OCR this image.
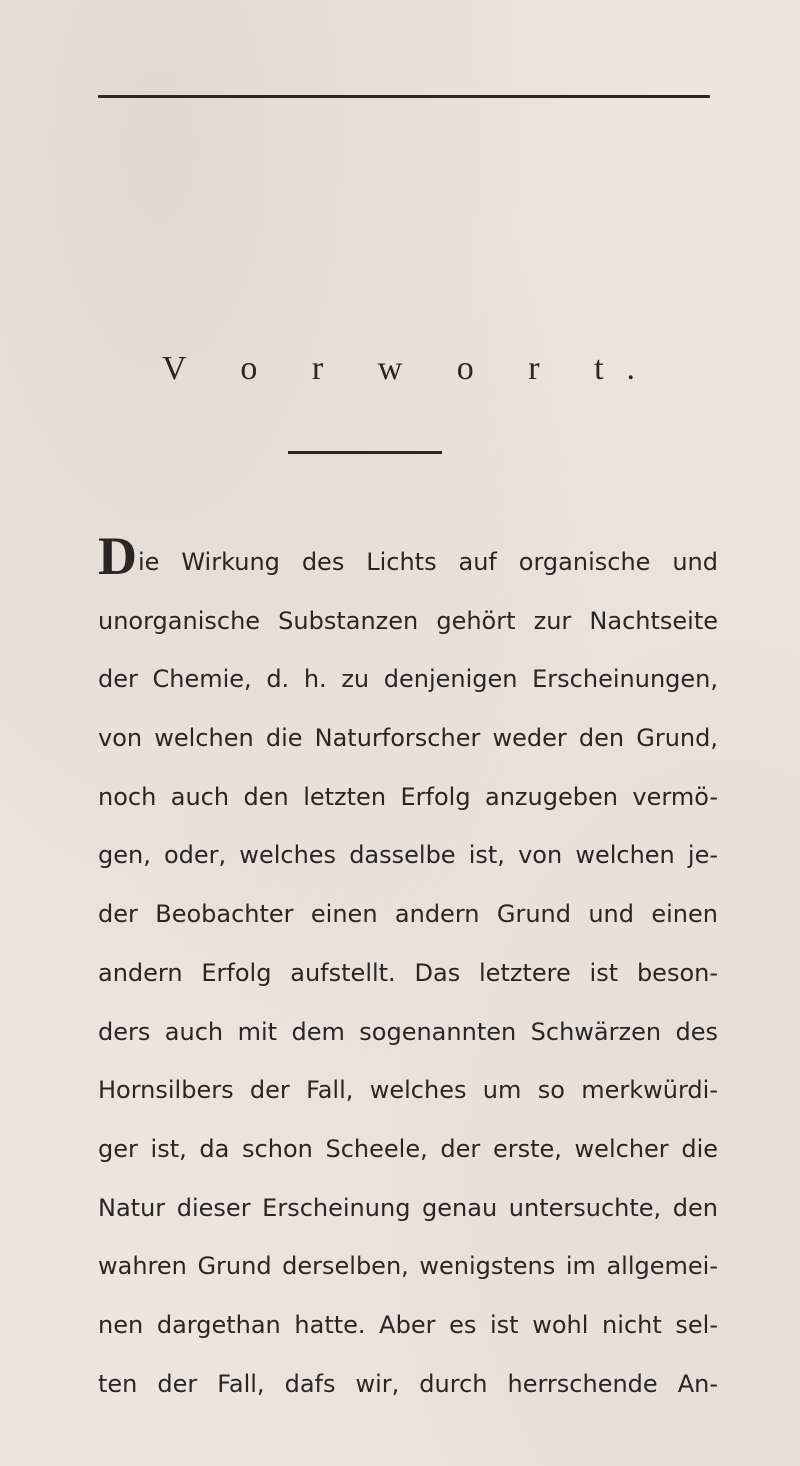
V o r w o r t.
Die Wirkung des Lichts auf organische und
unorganische Substanzen gehört zur Nachtseite
der Chemie, d. h. zu denjenigen Erscheinungen,
von welchen die Naturforscher weder den Grund,
noch auch den letzten Erfolg anzugeben vermö-
gen, oder, welches dasselbe ist, von welchen je-
der Beobachter einen andern Grund und einen
andern Erfolg aufstellt. Das letztere ist beson-
ders auch mit dem sogenannten Schwärzen des
Hornsilbers der Fall, welches um so merkwürdi-
ger ist, da schon Scheele, der erste, welcher die
Natur dieser Erscheinung genau untersuchte, den
wahren Grund derselben, wenigstens im allgemei-
nen dargethan hatte. Aber es ist wohl nicht sel-
ten der Fall, dafs wir, durch herrschende An-
